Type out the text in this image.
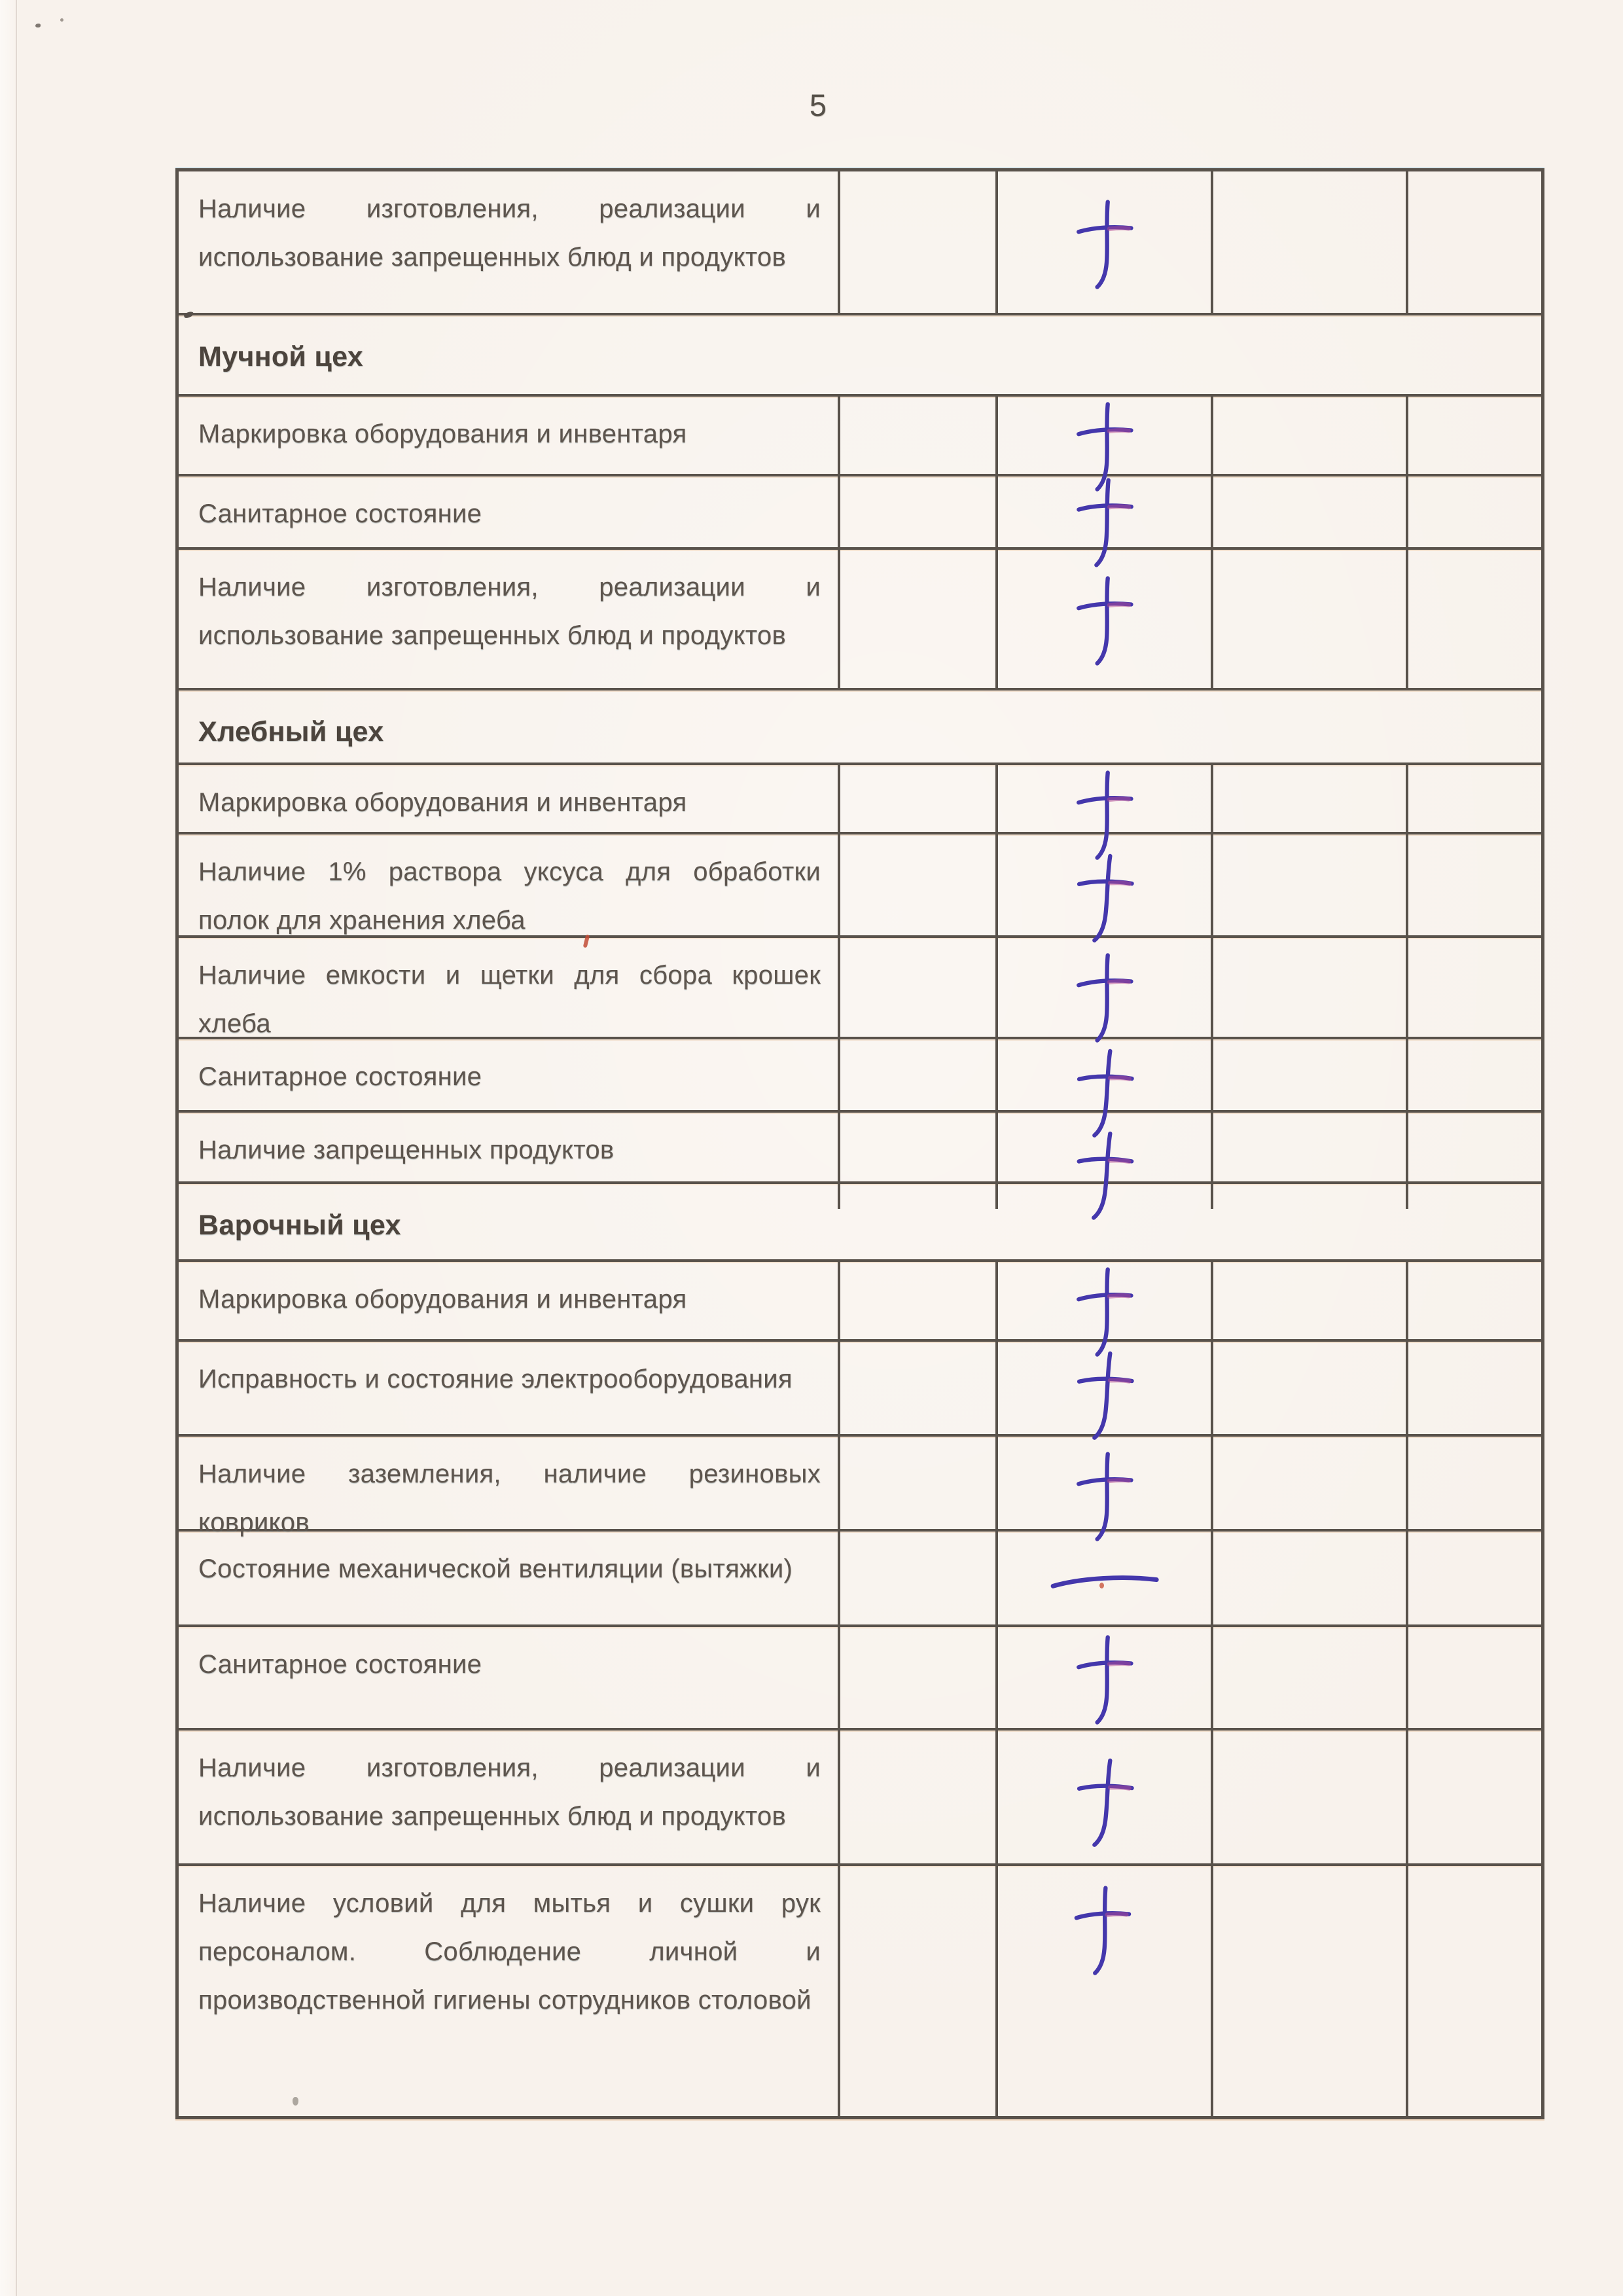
5

Наличие изготовления, реализации и использование запрещенных блюд и продуктов

Мучной цех

Маркировка оборудования и инвентаря

Санитарное состояние

Наличие изготовления, реализации и использование запрещенных блюд и продуктов

Хлебный цех

Маркировка оборудования и инвентаря

Наличие 1% раствора уксуса для обработки полок для хранения хлеба

Наличие емкости и щетки для сбора крошек хлеба

Санитарное состояние

Наличие запрещенных продуктов

Варочный цех

Маркировка оборудования и инвентаря

Исправность и состояние электрооборудования

Наличие заземления, наличие резиновых ковриков

Состояние механической вентиляции (вытяжки)

Санитарное состояние

Наличие изготовления, реализации и использование запрещенных блюд и продуктов

Наличие условий для мытья и сушки рук персоналом. Соблюдение личной и производственной гигиены сотрудников столовой
